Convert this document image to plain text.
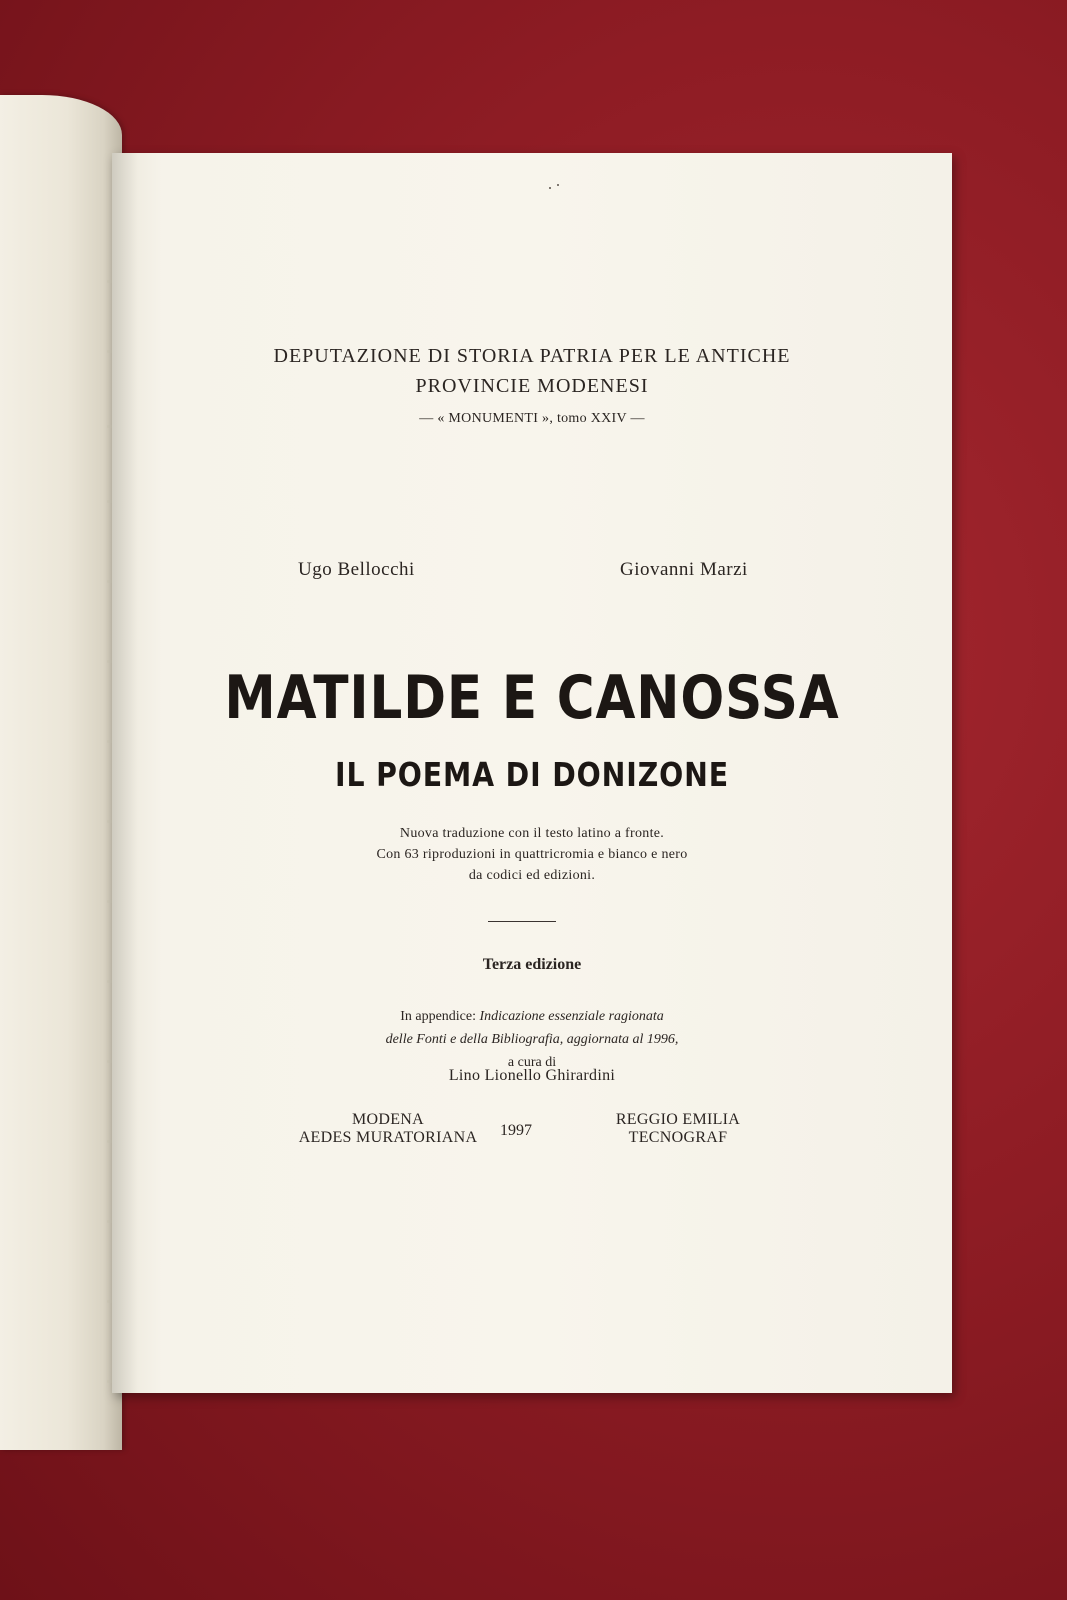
DEPUTAZIONE DI STORIA PATRIA PER LE ANTICHE
PROVINCIE MODENESI
— « MONUMENTI », tomo XXIV —
Ugo Bellocchi	Giovanni Marzi
MATILDE E CANOSSA
IL POEMA DI DONIZONE
Nuova traduzione con il testo latino a fronte.
Con 63 riproduzioni in quattricromia e bianco e nero
da codici ed edizioni.
Terza edizione
In appendice: Indicazione essenziale ragionata
delle Fonti e della Bibliografia, aggiornata al 1996,
a cura di
Lino Lionello Ghirardini
MODENA
AEDES MURATORIANA	1997
REGGIO EMILIA
TECNOGRAF
